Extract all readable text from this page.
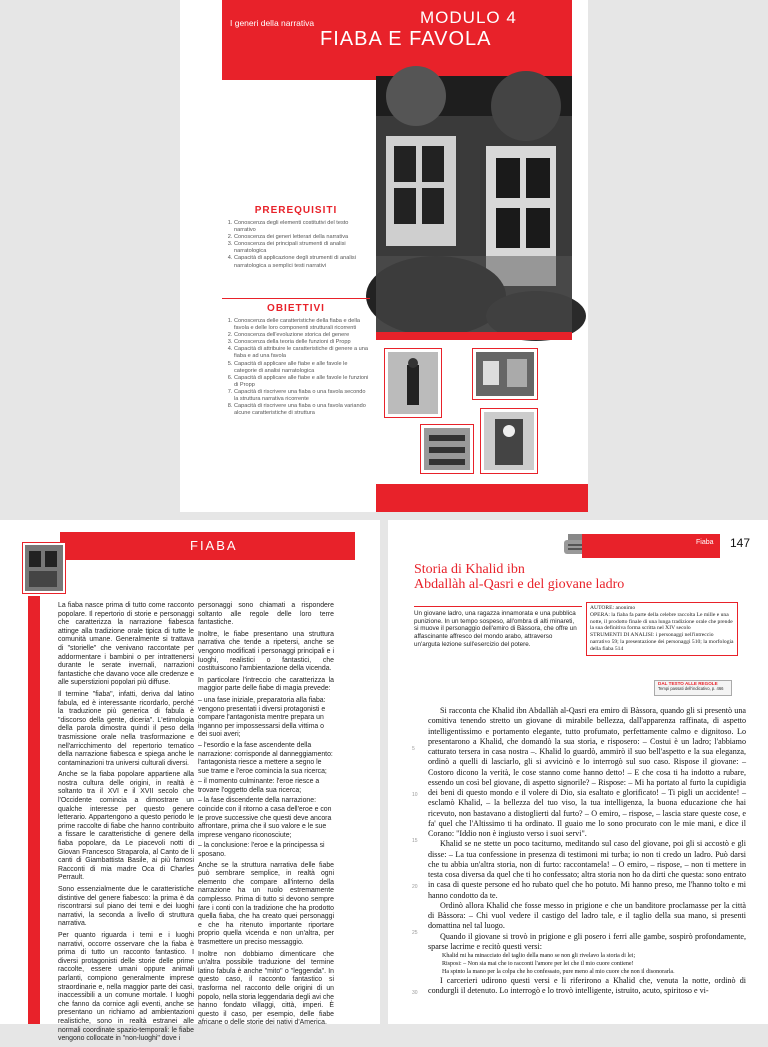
I generi della narrativa	MODULO 4
FIABA E FAVOLA
PREREQUISITI
1. Conoscenza degli elementi costitutivi del testo narrativo
2. Conoscenza dei generi letterari della narrativa
3. Conoscenza dei principali strumenti di analisi narratologica
4. Capacità di applicazione degli strumenti di analisi narratologica a semplici testi narrativi
OBIETTIVI
1. Conoscenza delle caratteristiche della fiaba e della favola e delle loro componenti strutturali ricorrenti
2. Conoscenza dell'evoluzione storica del genere
3. Conoscenza della teoria delle funzioni di Propp
4. Capacità di attribuire le caratteristiche di genere a una fiaba e ad una favola
5. Capacità di applicare alle fiabe e alle favole le categorie di analisi narratologica
6. Capacità di applicare alle fiabe e alle favole le funzioni di Propp
7. Capacità di riscrivere una fiaba o una favola secondo la struttura narrativa ricorrente
8. Capacità di riscrivere una fiaba o una favola variando alcune caratteristiche di struttura
FIABA

La fiaba nasce prima di tutto come racconto popolare. Il repertorio di storie e personaggi che caratterizza la narrazione fiabesca attinge alla tradizione orale tipica di tutte le comunità umane. Generalmente si trattava di "storielle" che venivano raccontate per addormentare i bambini o per intrattenersi durante le serate invernali, narrazioni fantastiche che davano voce alle credenze e alle superstizioni popolari più diffuse.

Il termine "fiaba", infatti, deriva dal latino fabula, ed è interessante ricordarlo, perché la traduzione più generica di fabula è "discorso della gente, diceria". L'etimologia della parola dimostra quindi il peso della trasmissione orale nella trasformazione e nell'arricchimento del repertorio tematico della narrazione fiabesca e spiega anche le contaminazioni tra universi culturali diversi.

Anche se la fiaba popolare appartiene alla nostra cultura delle origini, in realtà è soltanto tra il XVI e il XVII secolo che l'Occidente comincia a dimostrare un qualche interesse per questo genere letterario. Appartengono a questo periodo le prime raccolte di fiabe che hanno contribuito a fissare le caratteristiche di genere della fiaba popolare, da Le piacevoli notti di Giovan Francesco Straparola, al Canto de li canti di Giambattista Basile, ai più famosi Racconti di mia madre Oca di Charles Perrault.

Sono essenzialmente due le caratteristiche distintive del genere fiabesco: la prima è da riscontrarsi sul piano dei temi e dei luoghi narrativi, la seconda a livello di struttura narrativa.

Per quanto riguarda i temi e i luoghi narrativi, occorre osservare che la fiaba è prima di tutto un racconto fantastico. I diversi protagonisti delle storie delle prime raccolte, essere umani oppure animali parlanti, compiono generalmente imprese straordinarie e, nella maggior parte dei casi, inaccessibili a un comune mortale. I luoghi che fanno da cornice agli eventi, anche se presentano un richiamo ad ambientazioni realistiche, sono in realtà estranei alle normali coordinate spazio-temporali: le fiabe vengono collocate in "non-luoghi" dove i

personaggi sono chiamati a rispondere soltanto alle regole delle loro terre fantastiche.

Inoltre, le fiabe presentano una struttura narrativa che tende a ripetersi, anche se vengono modificati i personaggi principali e i luoghi, realistici o fantastici, che costituiscono l'ambientazione della vicenda.

In particolare l'intreccio che caratterizza la maggior parte delle fiabe di magia prevede:

– una fase iniziale, preparatoria alla fiaba: vengono presentati i diversi protagonisti e compare l'antagonista mentre prepara un inganno per impossessarsi della vittima o dei suoi averi;
– l'esordio e la fase ascendente della narrazione: corrisponde al danneggiamento: l'antagonista riesce a mettere a segno le sue trame e l'eroe comincia la sua ricerca;
– il momento culminante: l'eroe riesce a trovare l'oggetto della sua ricerca;
– la fase discendente della narrazione: coincide con il ritorno a casa dell'eroe e con le prove successive che questi deve ancora affrontare, prima che il suo valore e le sue imprese vengano riconosciute;
– la conclusione: l'eroe e la principessa si sposano.

Anche se la struttura narrativa delle fiabe può sembrare semplice, in realtà ogni elemento che compare all'interno della narrazione ha un ruolo estremamente complesso. Prima di tutto si devono sempre fare i conti con la tradizione che ha prodotto quella fiaba, che ha creato quei personaggi e che ha ritenuto importante riportare proprio quella vicenda e non un'altra, per trasmettere un preciso messaggio.

Inoltre non dobbiamo dimenticare che un'altra possibile traduzione del termine latino fabula è anche "mito" o "leggenda". In questo caso, il racconto fantastico si trasforma nel racconto delle origini di un popolo, nella storia leggendaria degli avi che hanno fondato villaggi, città, imperi. È questo il caso, per esempio, delle fiabe africane o delle storie dei nativi d'America.

Fiaba 147
Storia di Khalid ibn
Abdallàh al-Qasri e del giovane ladro
Un giovane ladro, una ragazza innamorata e una pubblica punizione. In un tempo sospeso, all'ombra di alti minareti, si muove il personaggio dell'emiro di Bàssora, che offre un affascinante affresco del mondo arabo, attraverso un'arguta lezione sull'esercizio del potere.
AUTORE: anonimo
OPERA: la fiaba fa parte della celebre raccolta Le mille e una notte, il prodotto finale di una lunga tradizione orale che prende la sua definitiva forma scritta nel XIV secolo
STRUMENTI DI ANALISI: i personaggi nell'intreccio narrativo 59; la presentazione dei personaggi 510; la morfologia della fiaba 514
DAL TESTO ALLE REGOLE
Tempi passati dell'indicativo, p. 466
5
10
15
20
25
30

Si racconta che Khalid ibn Abdallàh al-Qasri era emiro di Bàssora, quando gli si presentò una comitiva tenendo stretto un giovane di mirabile bellezza, dall'apparenza raffinata, di aspetto intelligentissimo e portamento elegante, tutto profumato, perfettamente calmo e dignitoso. Lo presentarono a Khalid, che domandò la sua storia, e risposero: – Costui è un ladro; l'abbiamo catturato tersera in casa nostra –. Khalid lo guardò, ammirò il suo bell'aspetto e la sua eleganza, ordinò a quelli di lasciarlo, gli si avvicinò e lo interrogò sul suo caso. Rispose il giovane: – Costoro dicono la verità, le cose stanno come hanno detto! – E che cosa ti ha indotto a rubare, essendo un così bel giovane, di aspetto signorile? – Rispose: – Mi ha portato al furto la cupidigia dei beni di questo mondo e il volere di Dio, sia esaltato e glorificato! – Ti pigli un accidente! – esclamò Khalid, – la bellezza del tuo viso, la tua intelligenza, la buona educazione che hai ricevuto, non bastavano a distoglierti dal furto? – O emiro, – rispose, – lascia stare queste cose, e fa' quel che l'Altissimo ti ha ordinato. Il guaio me lo sono procurato con le mie mani, e dice il Corano: "Iddio non è ingiusto verso i suoi servi".

Khalid se ne stette un poco taciturno, meditando sul caso del giovane, poi gli si accostò e gli disse: – La tua confessione in presenza di testimoni mi turba; io non ti credo un ladro. Può darsi che tu abbia un'altra storia, non di furto: raccontamela! – O emiro, – rispose, – non ti mettere in testa cosa diversa da quel che ti ho confessato; altra storia non ho da dirti che questa: sono entrato in casa di queste persone ed ho rubato quel che ho potuto. Mi hanno preso, me l'hanno tolto e mi hanno condotto da te.

Ordinò allora Khalid che fosse messo in prigione e che un banditore proclamasse per la città di Bàssora: – Chi vuol vedere il castigo del ladro tale, e il taglio della sua mano, si presenti domattina nel tal luogo.

Quando il giovane si trovò in prigione e gli posero i ferri alle gambe, sospirò profondamente, sparse lacrime e recitò questi versi:

Khalid mi ha minacciato del taglio della mano se non gli rivelavo la storia di lei;

Risposi: – Non sia mai che io racconti l'amore per lei che il mio cuore contiene!

Ha spinto la mano per la colpa che ho confessato, pure meno al mio cuore che non il disonorarla.

I carcerieri udirono questi versi e li riferirono a Khalid che, venuta la notte, ordinò di condurgli il detenuto. Lo interrogò e lo trovò intelligente, istruito, acuto, spiritoso e vi-
